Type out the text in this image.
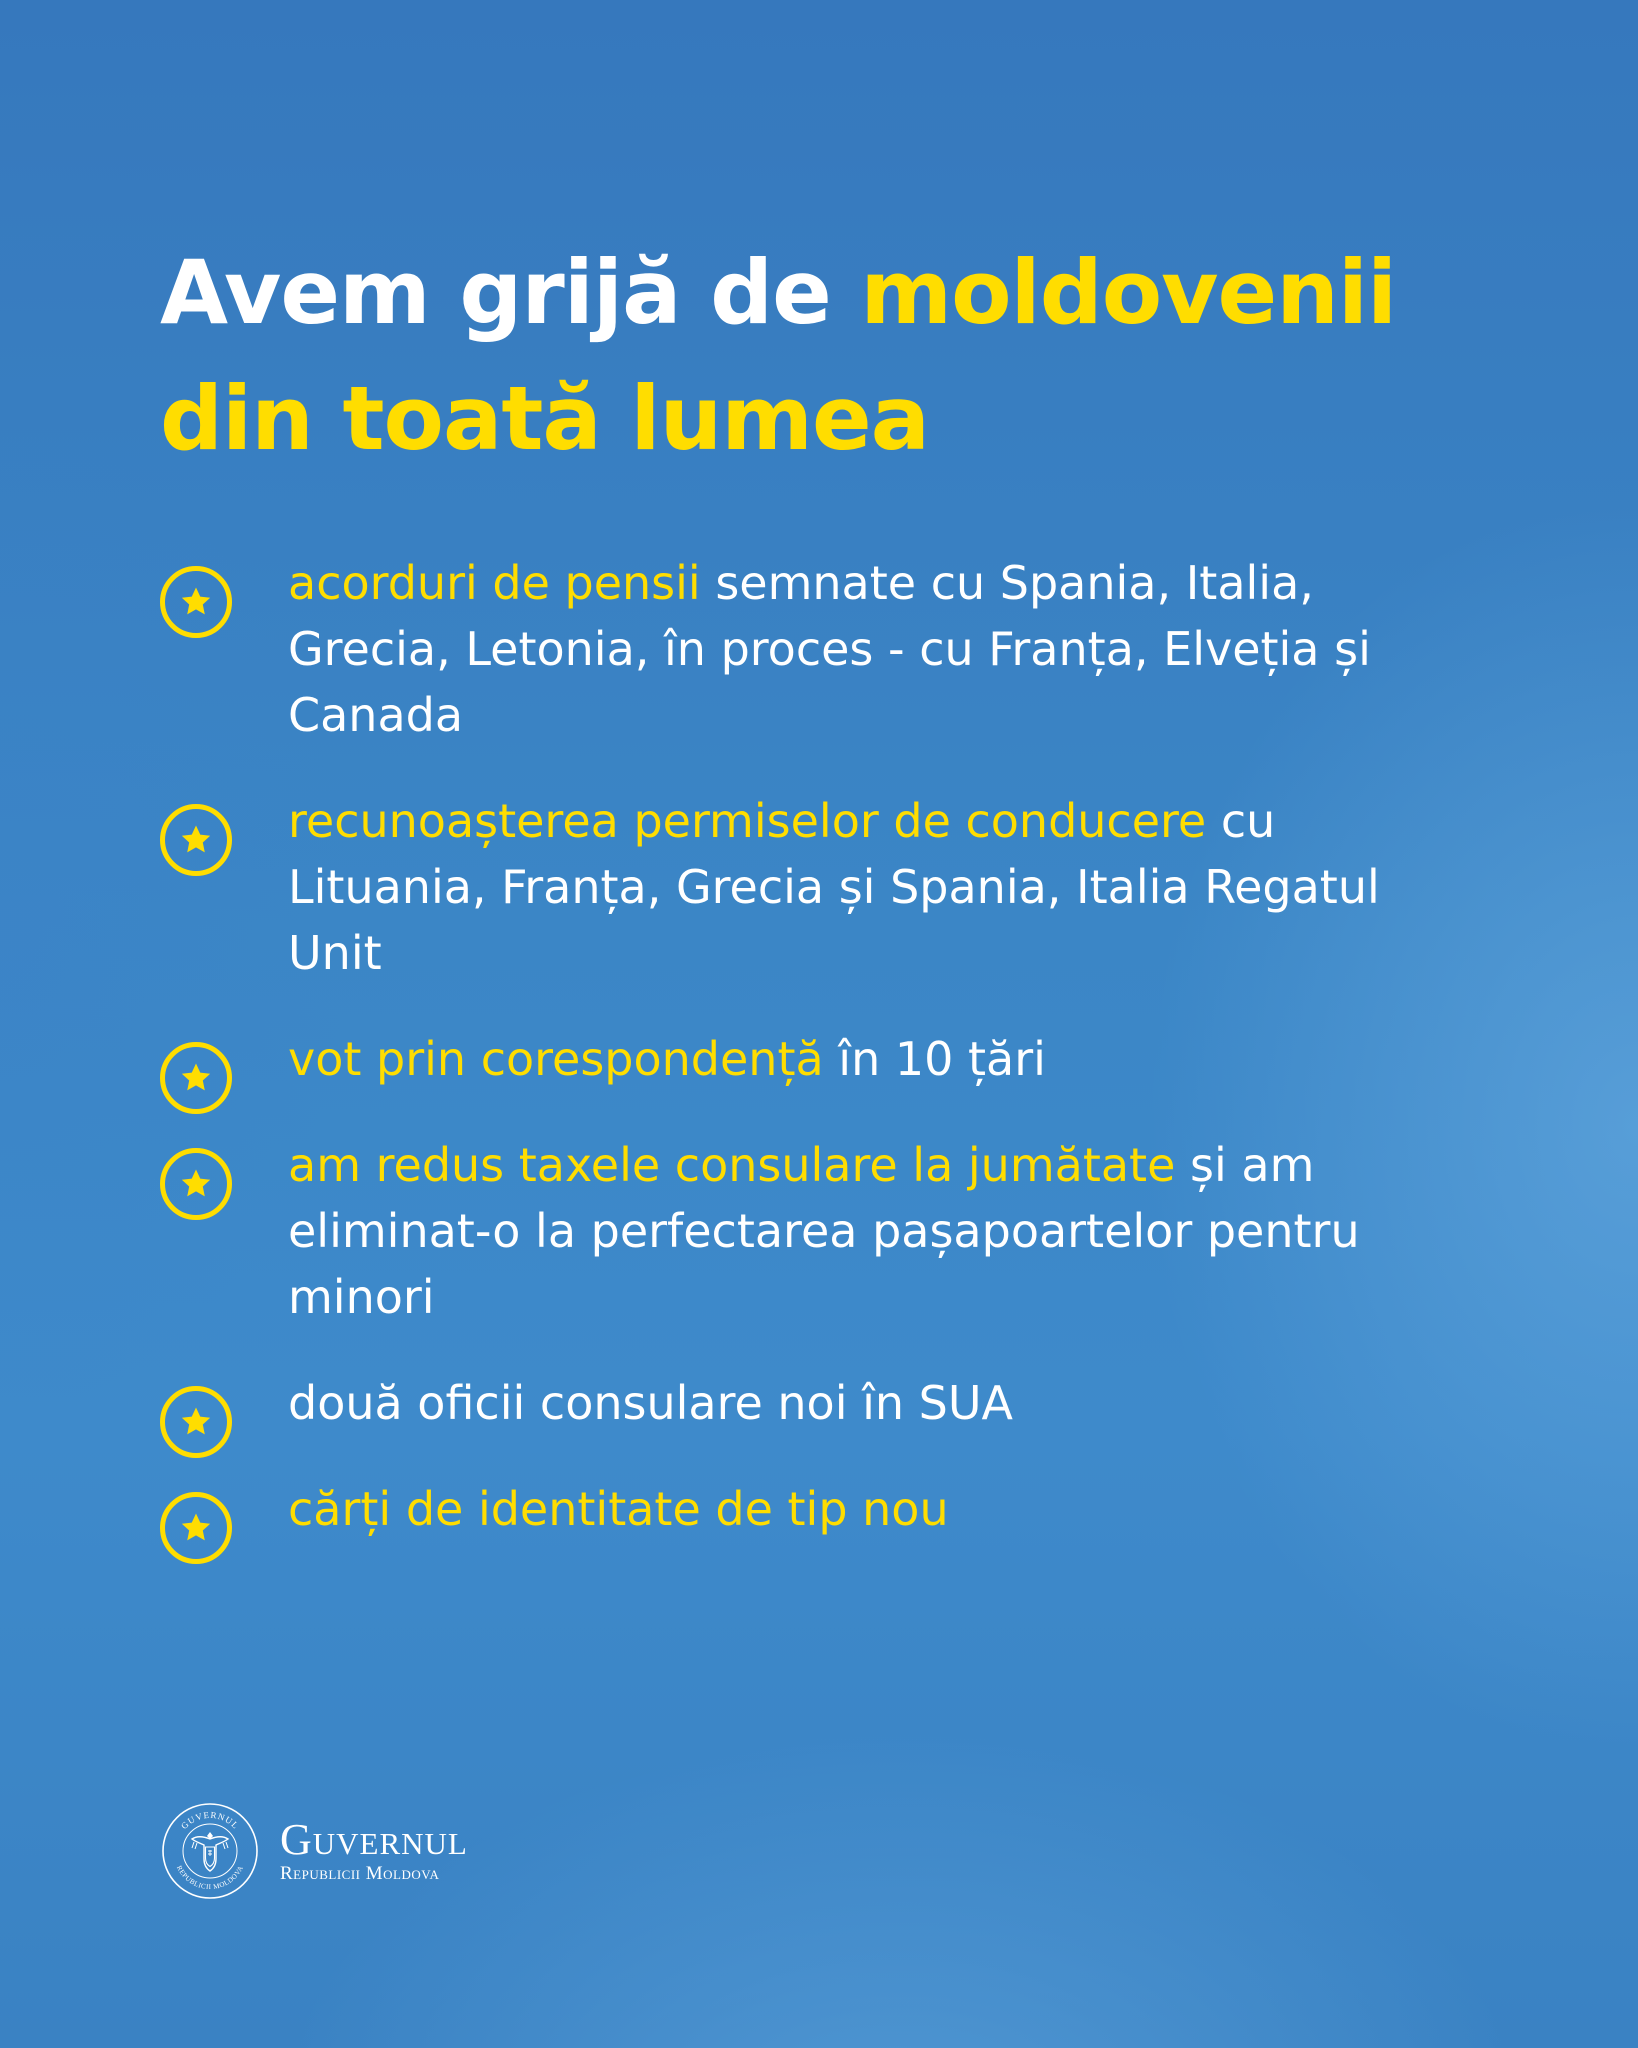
Avem grijă de moldovenii
din toată lumea
acorduri de pensii semnate cu Spania, Italia, Grecia, Letonia, în proces - cu Franța, Elveția și Canada
recunoașterea permiselor de conducere cu Lituania, Franța, Grecia și Spania, Italia Regatul Unit
vot prin corespondență în 10 țări
am redus taxele consulare la jumătate și am eliminat-o la perfectarea pașapoartelor pentru minori
două oficii consulare noi în SUA
cărți de identitate de tip nou
GUVERNUL
REPUBLICII MOLDOVA
Guvernul
Republicii Moldova
